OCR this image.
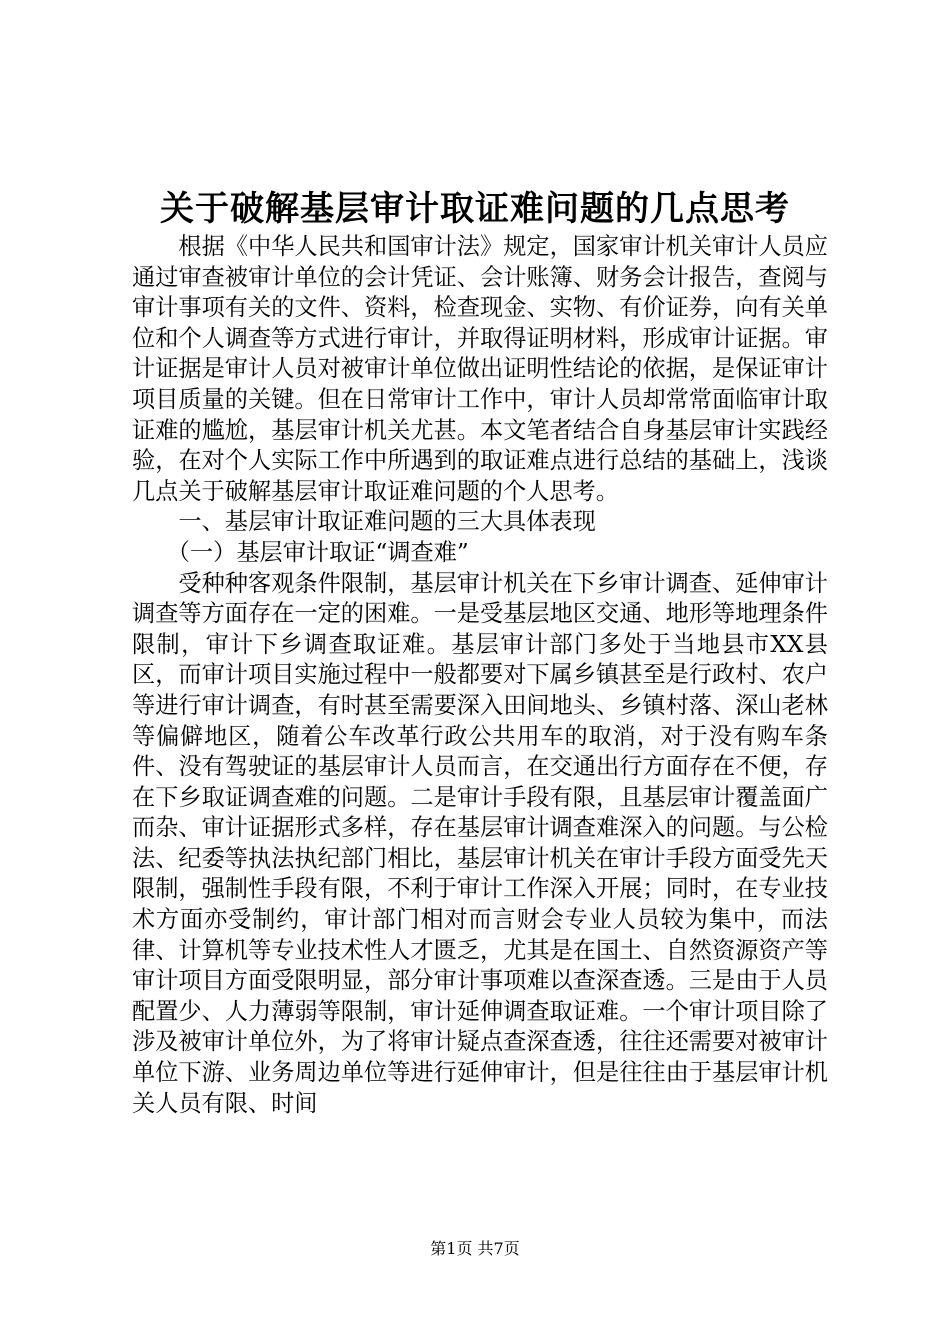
关于破解基层审计取证难问题的几点思考

根据《中华人民共和国审计法》规定，国家审计机关审计人员应通过审查被审计单位的会计凭证、会计账簿、财务会计报告，查阅与审计事项有关的文件、资料，检查现金、实物、有价证券，向有关单位和个人调查等方式进行审计，并取得证明材料，形成审计证据。审计证据是审计人员对被审计单位做出证明性结论的依据，是保证审计项目质量的关键。但在日常审计工作中，审计人员却常常面临审计取证难的尴尬，基层审计机关尤甚。本文笔者结合自身基层审计实践经验，在对个人实际工作中所遇到的取证难点进行总结的基础上，浅谈几点关于破解基层审计取证难问题的个人思考。

一、基层审计取证难问题的三大具体表现

（一）基层审计取证“调查难”

受种种客观条件限制，基层审计机关在下乡审计调查、延伸审计调查等方面存在一定的困难。一是受基层地区交通、地形等地理条件限制，审计下乡调查取证难。基层审计部门多处于当地县市XX县区，而审计项目实施过程中一般都要对下属乡镇甚至是行政村、农户等进行审计调查，有时甚至需要深入田间地头、乡镇村落、深山老林等偏僻地区，随着公车改革行政公共用车的取消，对于没有购车条件、没有驾驶证的基层审计人员而言，在交通出行方面存在不便，存在下乡取证调查难的问题。二是审计手段有限，且基层审计覆盖面广而杂、审计证据形式多样，存在基层审计调查难深入的问题。与公检法、纪委等执法执纪部门相比，基层审计机关在审计手段方面受先天限制，强制性手段有限，不利于审计工作深入开展；同时，在专业技术方面亦受制约，审计部门相对而言财会专业人员较为集中，而法律、计算机等专业技术性人才匮乏，尤其是在国土、自然资源资产等审计项目方面受限明显，部分审计事项难以查深查透。三是由于人员配置少、人力薄弱等限制，审计延伸调查取证难。一个审计项目除了涉及被审计单位外，为了将审计疑点查深查透，往往还需要对被审计单位下游、业务周边单位等进行延伸审计，但是往往由于基层审计机关人员有限、时间

第1页 共7页
